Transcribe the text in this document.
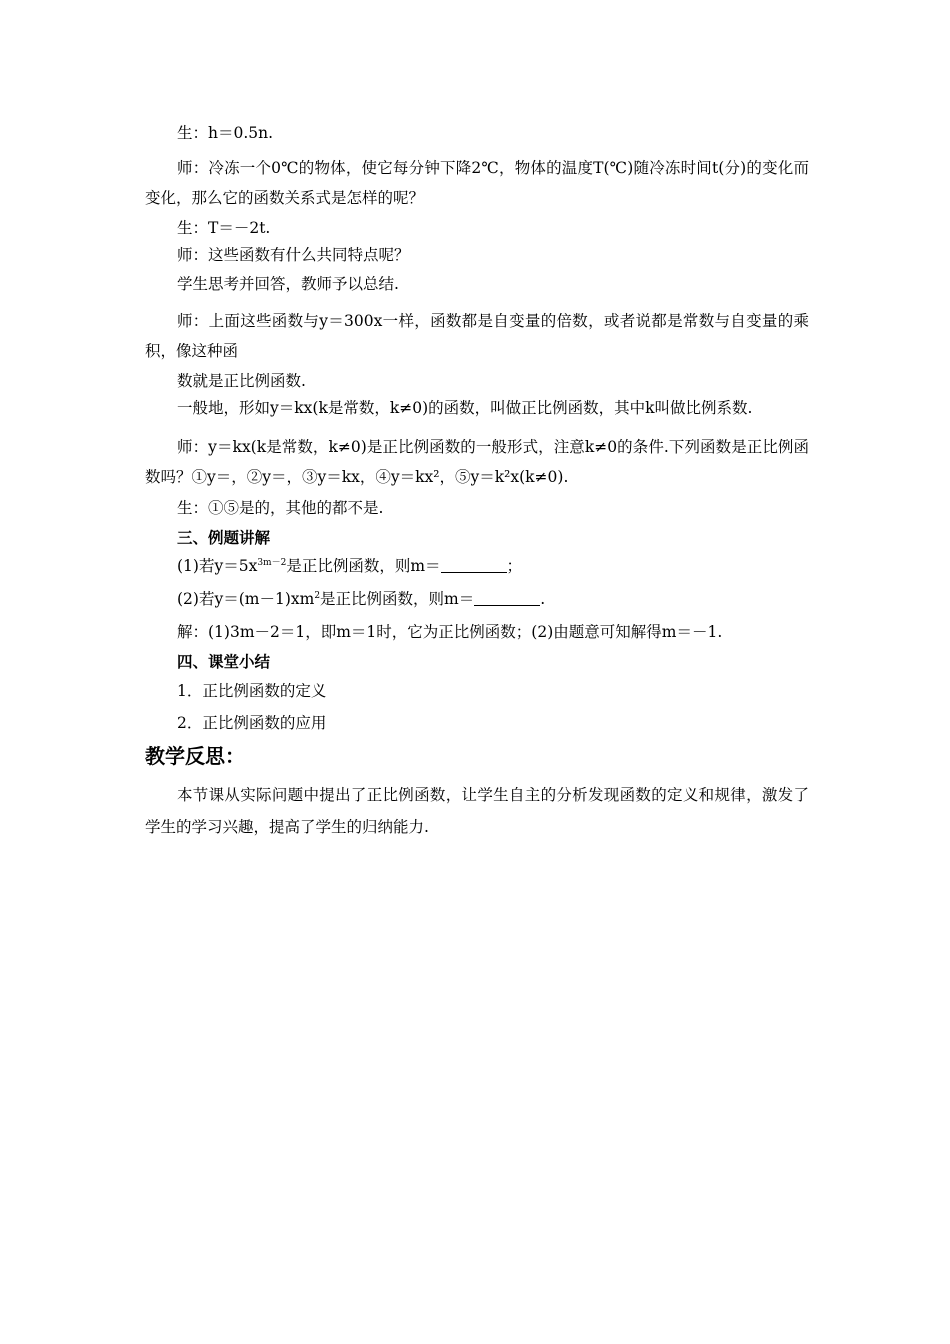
生：h＝0.5n.
师：冷冻一个0℃的物体，使它每分钟下降2℃，物体的温度T(℃)随冷冻时间t(分)的变化而变化，那么它的函数关系式是怎样的呢？
生：T＝－2t.
师：这些函数有什么共同特点呢？
学生思考并回答，教师予以总结.
师：上面这些函数与y＝300x一样，函数都是自变量的倍数，或者说都是常数与自变量的乘积，像这种函
数就是正比例函数.
一般地，形如y＝kx(k是常数，k≠0)的函数，叫做正比例函数，其中k叫做比例系数.
师：y＝kx(k是常数，k≠0)是正比例函数的一般形式，注意k≠0的条件.下列函数是正比例函数吗？①y＝，②y＝，③y＝kx，④y＝kx²，⑤y＝k²x(k≠0).
生：①⑤是的，其他的都不是.
三、例题讲解
(1)若$y=5x^{3m-2}$是正比例函数，则m＝	；
(2)若$y=(m-1)xm^2$是正比例函数，则m＝	.
解：(1)3m－2＝1，即m＝1时，它为正比例函数；(2)由题意可知解得m＝－1.
四、课堂小结
1．正比例函数的定义
2．正比例函数的应用
教学反思：
本节课从实际问题中提出了正比例函数，让学生自主的分析发现函数的定义和规律，激发了学生的学习兴趣，提高了学生的归纳能力.
